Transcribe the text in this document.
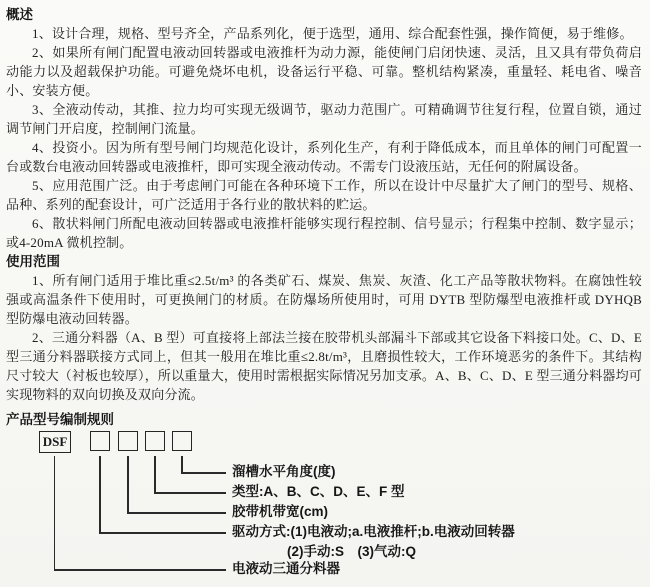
概述

1、设计合理，规格、型号齐全，产品系列化，便于选型，通用、综合配套性强，操作简便，易于维修。

2、如果所有闸门配置电液动回转器或电液推杆为动力源，能使闸门启闭快速、灵活，且又具有带负荷启动能力以及超载保护功能。可避免烧坏电机，设备运行平稳、可靠。整机结构紧凑，重量轻、耗电省、噪音小、安装方便。

3、全液动传动，其推、拉力均可实现无级调节，驱动力范围广。可精确调节往复行程，位置自锁，通过调节闸门开启度，控制闸门流量。

4、投资小。因为所有型号闸门均规范化设计，系列化生产，有利于降低成本，而且单体的闸门可配置一台或数台电液动回转器或电液推杆，即可实现全液动传动。不需专门设液压站，无任何的附属设备。

5、应用范围广泛。由于考虑闸门可能在各种环境下工作，所以在设计中尽量扩大了闸门的型号、规格、品种、系列的配套设计，可广泛适用于各行业的散状料的贮运。

6、散状料闸门所配电液动回转器或电液推杆能够实现行程控制、信号显示；行程集中控制、数字显示；或4-20mA 微机控制。

使用范围

1、所有闸门适用于堆比重≤2.5t/m³ 的各类矿石、煤炭、焦炭、灰渣、化工产品等散状物料。在腐蚀性较强或高温条件下使用时，可更换闸门的材质。在防爆场所使用时，可用 DYTB 型防爆型电液推杆或 DYHQB 型防爆电液动回转器。

2、三通分料器（A、B 型）可直接将上部法兰接在胶带机头部漏斗下部或其它设备下料接口处。C、D、E型三通分料器联接方式同上，但其一般用在堆比重≤2.8t/m³，且磨损性较大，工作环境恶劣的条件下。其结构尺寸较大（衬板也较厚），所以重量大，使用时需根据实际情况另加支承。A、B、C、D、E 型三通分料器均可实现物料的双向切换及双向分流。

产品型号编制规则
DSF
溜槽水平角度(度)
类型:A、B、C、D、E、F 型
胶带机带宽(cm)
驱动方式:(1)电液动;a.电液推杆;b.电液动回转器
(2)手动:S　(3)气动:Q
电液动三通分料器
